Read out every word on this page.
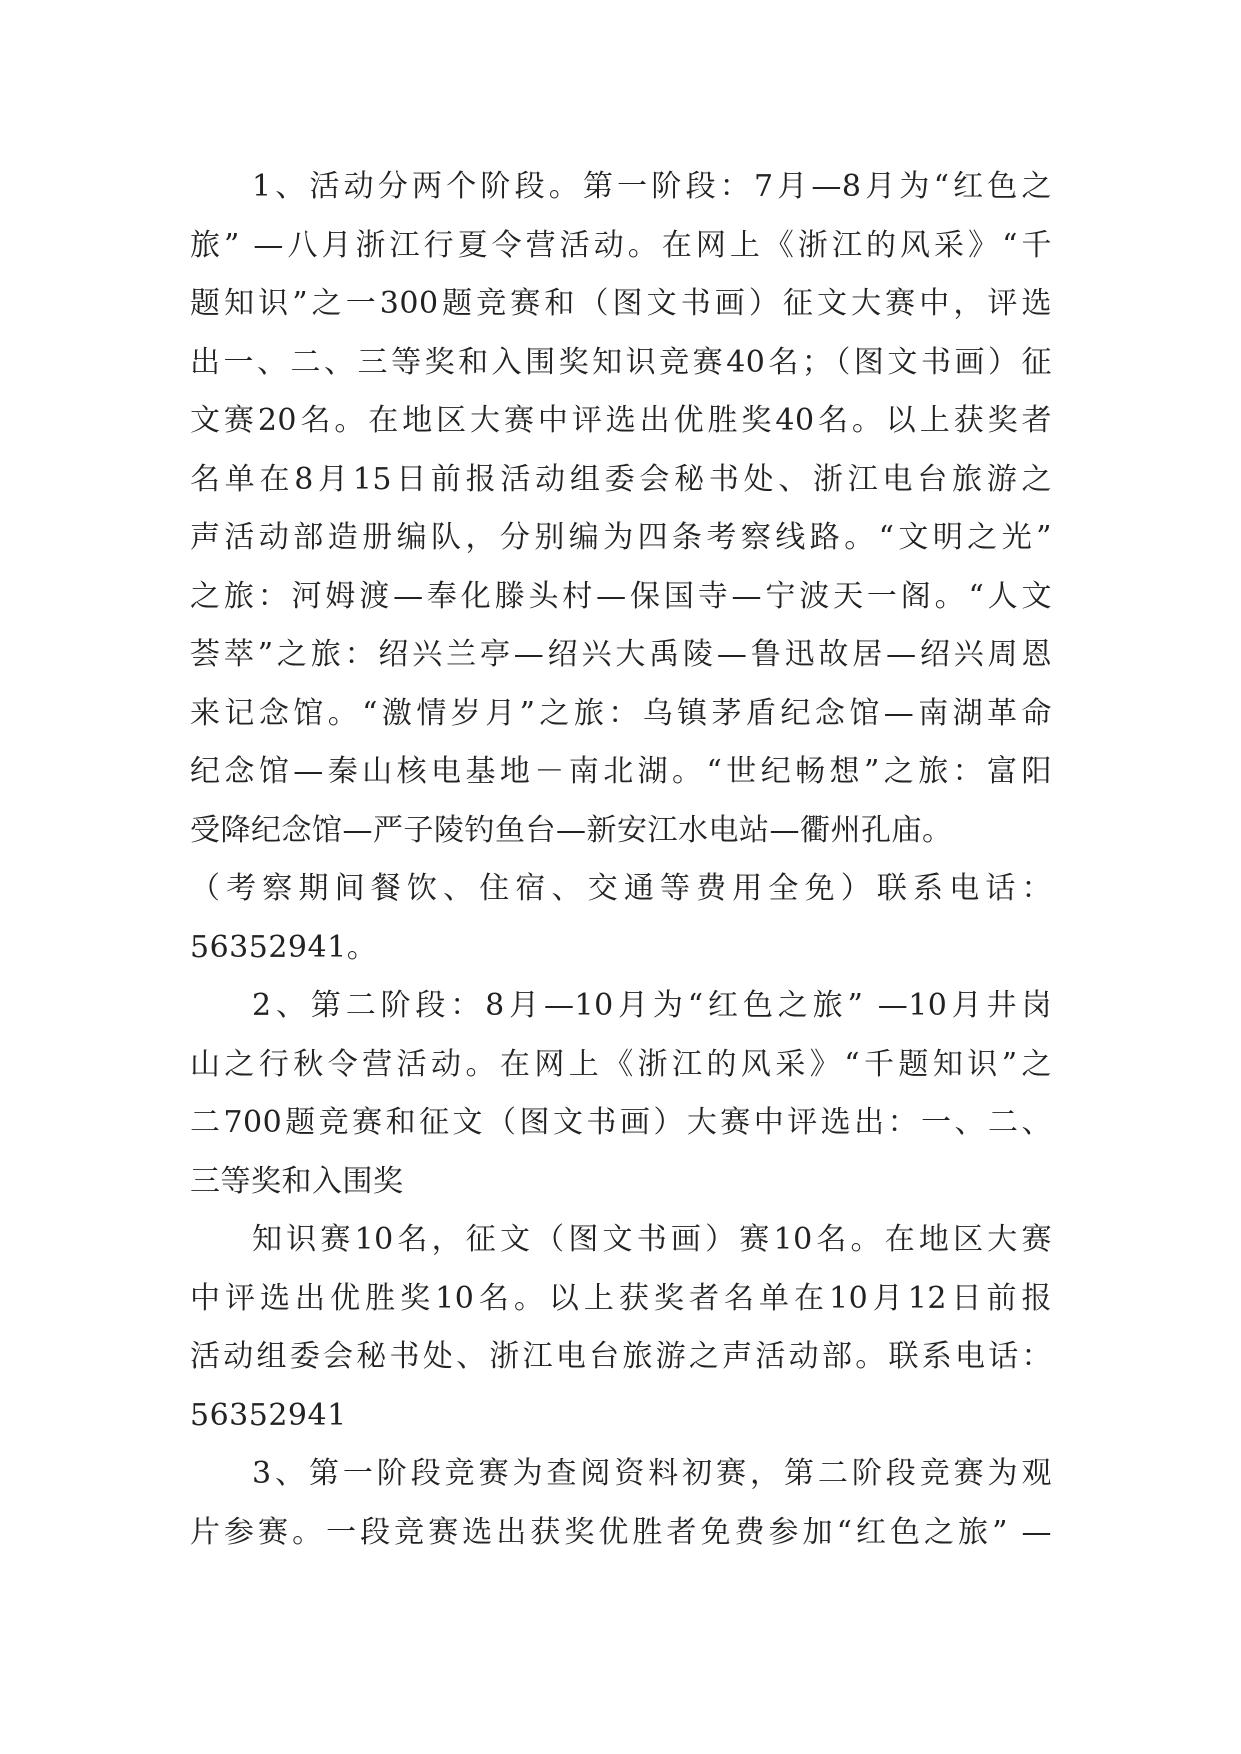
1、活动分两个阶段。第一阶段：7月—8月为“红色之
旅” —八月浙江行夏令营活动。在网上《浙江的风采》“千
题知识”之一300题竞赛和（图文书画）征文大赛中，评选
出一、二、三等奖和入围奖知识竞赛40名；（图文书画）征
文赛20名。在地区大赛中评选出优胜奖40名。以上获奖者
名单在8月15日前报活动组委会秘书处、浙江电台旅游之
声活动部造册编队，分别编为四条考察线路。“文明之光”
之旅：河姆渡—奉化滕头村—保国寺—宁波天一阁。“人文
荟萃”之旅：绍兴兰亭—绍兴大禹陵—鲁迅故居—绍兴周恩
来记念馆。“激情岁月”之旅：乌镇茅盾纪念馆—南湖革命
纪念馆—秦山核电基地－南北湖。“世纪畅想”之旅：富阳
受降纪念馆—严子陵钓鱼台—新安江水电站—衢州孔庙。
（考察期间餐饮、住宿、交通等费用全免）联系电话：
56352941。
2、第二阶段：8月—10月为“红色之旅” —10月井岗
山之行秋令营活动。在网上《浙江的风采》“千题知识”之
二700题竞赛和征文（图文书画）大赛中评选出：一、二、
三等奖和入围奖
知识赛10名，征文（图文书画）赛10名。在地区大赛
中评选出优胜奖10名。以上获奖者名单在10月12日前报
活动组委会秘书处、浙江电台旅游之声活动部。联系电话：
56352941
3、第一阶段竞赛为查阅资料初赛，第二阶段竞赛为观
片参赛。一段竞赛选出获奖优胜者免费参加“红色之旅” —
